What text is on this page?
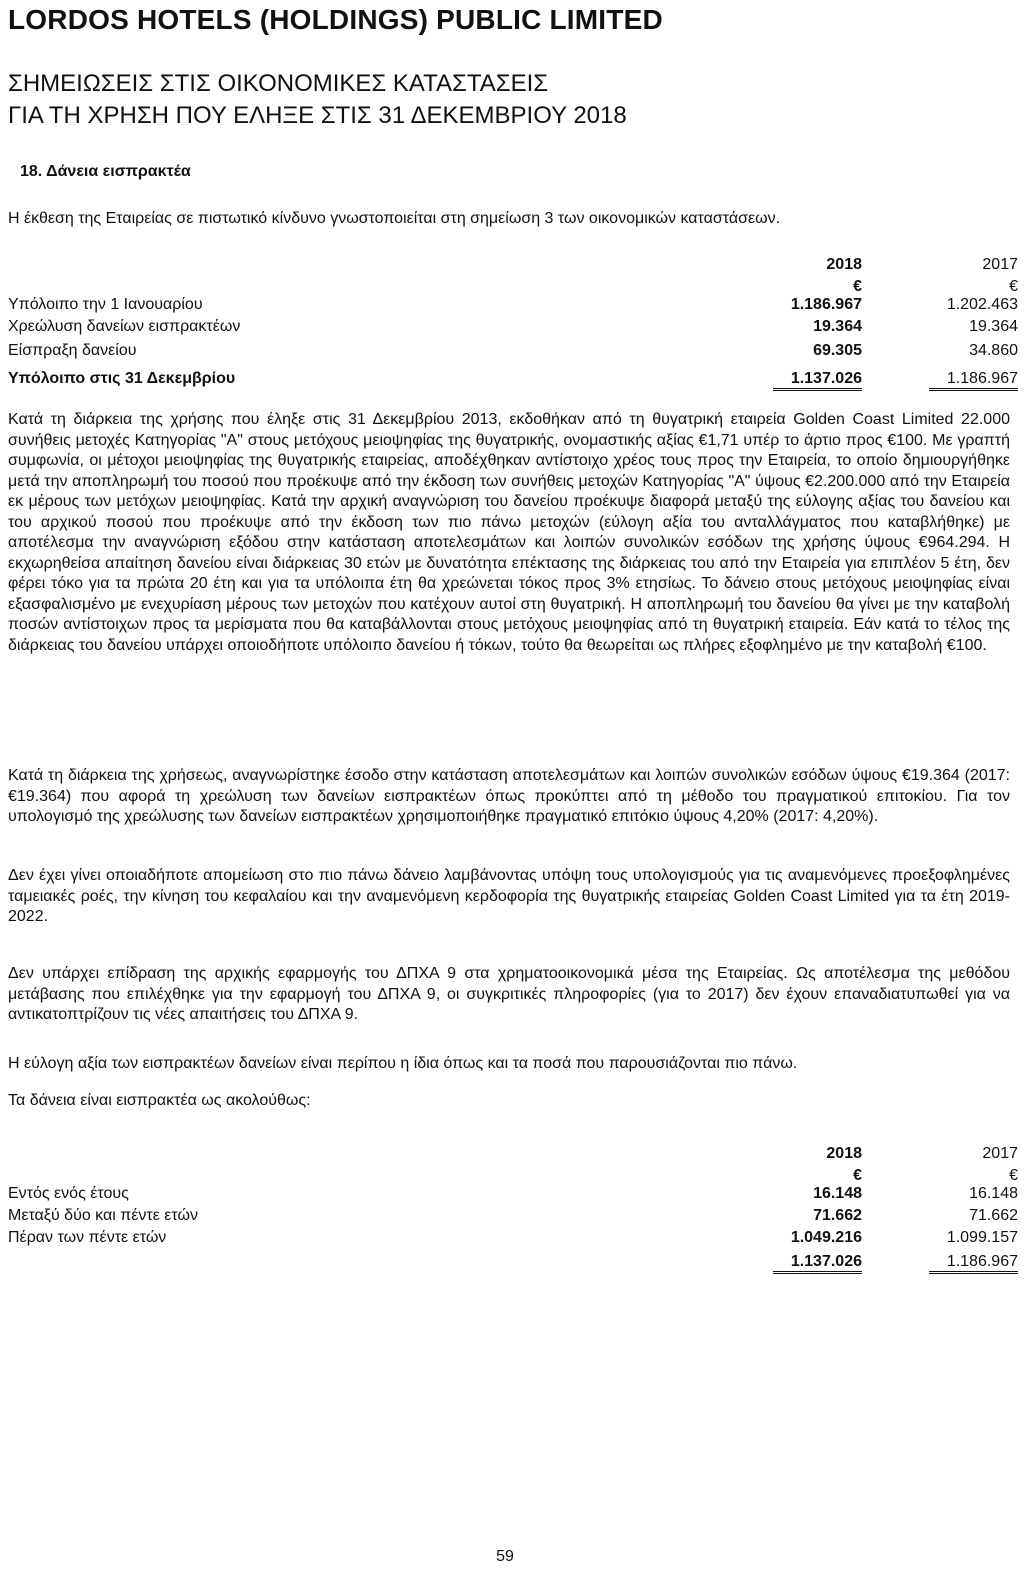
LORDOS HOTELS (HOLDINGS) PUBLIC LIMITED
ΣΗΜΕΙΩΣΕΙΣ ΣΤΙΣ ΟΙΚΟΝΟΜΙΚΕΣ ΚΑΤΑΣΤΑΣΕΙΣ
ΓΙΑ ΤΗ ΧΡΗΣΗ ΠΟΥ ΕΛΗΞΕ ΣΤΙΣ 31 ΔΕΚΕΜΒΡΙΟΥ 2018
18. Δάνεια εισπρακτέα
Η έκθεση της Εταιρείας σε πιστωτικό κίνδυνο γνωστοποιείται στη σημείωση 3 των οικονομικών καταστάσεων.
2018	2017
€	€
Υπόλοιπο την 1 Ιανουαρίου	1.186.967	1.202.463
Χρεώλυση δανείων εισπρακτέων	19.364	19.364
Είσπραξη δανείου	69.305	34.860
Υπόλοιπο στις 31 Δεκεμβρίου	1.137.026	1.186.967

Κατά τη διάρκεια της χρήσης που έληξε στις 31 Δεκεμβρίου 2013, εκδοθήκαν από τη θυγατρική εταιρεία Golden Coast Limited 22.000 συνήθεις μετοχές Κατηγορίας "Α" στους μετόχους μειοψηφίας της θυγατρικής, ονομαστικής αξίας €1,71 υπέρ το άρτιο προς €100. Με γραπτή συμφωνία, οι μέτοχοι μειοψηφίας της θυγατρικής εταιρείας, αποδέχθηκαν αντίστοιχο χρέος τους προς την Εταιρεία, το οποίο δημιουργήθηκε μετά την αποπληρωμή του ποσού που προέκυψε από την έκδοση των συνήθεις μετοχών Κατηγορίας "Α" ύψους €2.200.000 από την Εταιρεία εκ μέρους των μετόχων μειοψηφίας. Κατά την αρχική αναγνώριση του δανείου προέκυψε διαφορά μεταξύ της εύλογης αξίας του δανείου και του αρχικού ποσού που προέκυψε από την έκδοση των πιο πάνω μετοχών (εύλογη αξία του ανταλλάγματος που καταβλήθηκε) με αποτέλεσμα την αναγνώριση εξόδου στην κατάσταση αποτελεσμάτων και λοιπών συνολικών εσόδων της χρήσης ύψους €964.294. Η εκχωρηθείσα απαίτηση δανείου είναι διάρκειας 30 ετών με δυνατότητα επέκτασης της διάρκειας του από την Εταιρεία για επιπλέον 5 έτη, δεν φέρει τόκο για τα πρώτα 20 έτη και για τα υπόλοιπα έτη θα χρεώνεται τόκος προς 3% ετησίως. Το δάνειο στους μετόχους μειοψηφίας είναι εξασφαλισμένο με ενεχυρίαση μέρους των μετοχών που κατέχουν αυτοί στη θυγατρική. Η αποπληρωμή του δανείου θα γίνει με την καταβολή ποσών αντίστοιχων προς τα μερίσματα που θα καταβάλλονται στους μετόχους μειοψηφίας από τη θυγατρική εταιρεία. Εάν κατά το τέλος της διάρκειας του δανείου υπάρχει οποιοδήποτε υπόλοιπο δανείου ή τόκων, τούτο θα θεωρείται ως πλήρες εξοφλημένο με την καταβολή €100.

Κατά τη διάρκεια της χρήσεως, αναγνωρίστηκε έσοδο στην κατάσταση αποτελεσμάτων και λοιπών συνολικών εσόδων ύψους €19.364 (2017: €19.364) που αφορά τη χρεώλυση των δανείων εισπρακτέων όπως προκύπτει από τη μέθοδο του πραγματικού επιτοκίου. Για τον υπολογισμό της χρεώλυσης των δανείων εισπρακτέων χρησιμοποιήθηκε πραγματικό επιτόκιο ύψους 4,20% (2017: 4,20%).

Δεν έχει γίνει οποιαδήποτε απομείωση στο πιο πάνω δάνειο λαμβάνοντας υπόψη τους υπολογισμούς για τις αναμενόμενες προεξοφλημένες ταμειακές ροές, την κίνηση του κεφαλαίου και την αναμενόμενη κερδοφορία της θυγατρικής εταιρείας Golden Coast Limited για τα έτη 2019-2022.

Δεν υπάρχει επίδραση της αρχικής εφαρμογής του ΔΠΧΑ 9 στα χρηματοοικονομικά μέσα της Εταιρείας. Ως αποτέλεσμα της μεθόδου μετάβασης που επιλέχθηκε για την εφαρμογή του ΔΠΧΑ 9, οι συγκριτικές πληροφορίες (για το 2017) δεν έχουν επαναδιατυπωθεί για να αντικατοπτρίζουν τις νέες απαιτήσεις του ΔΠΧΑ 9.

Η εύλογη αξία των εισπρακτέων δανείων είναι περίπου η ίδια όπως και τα ποσά που παρουσιάζονται πιο πάνω.

Τα δάνεια είναι εισπρακτέα ως ακολούθως:

2018	2017
€	€
Εντός ενός έτους	16.148	16.148
Μεταξύ δύο και πέντε ετών	71.662	71.662
Πέραν των πέντε ετών	1.049.216	1.099.157
1.137.026	1.186.967
59
